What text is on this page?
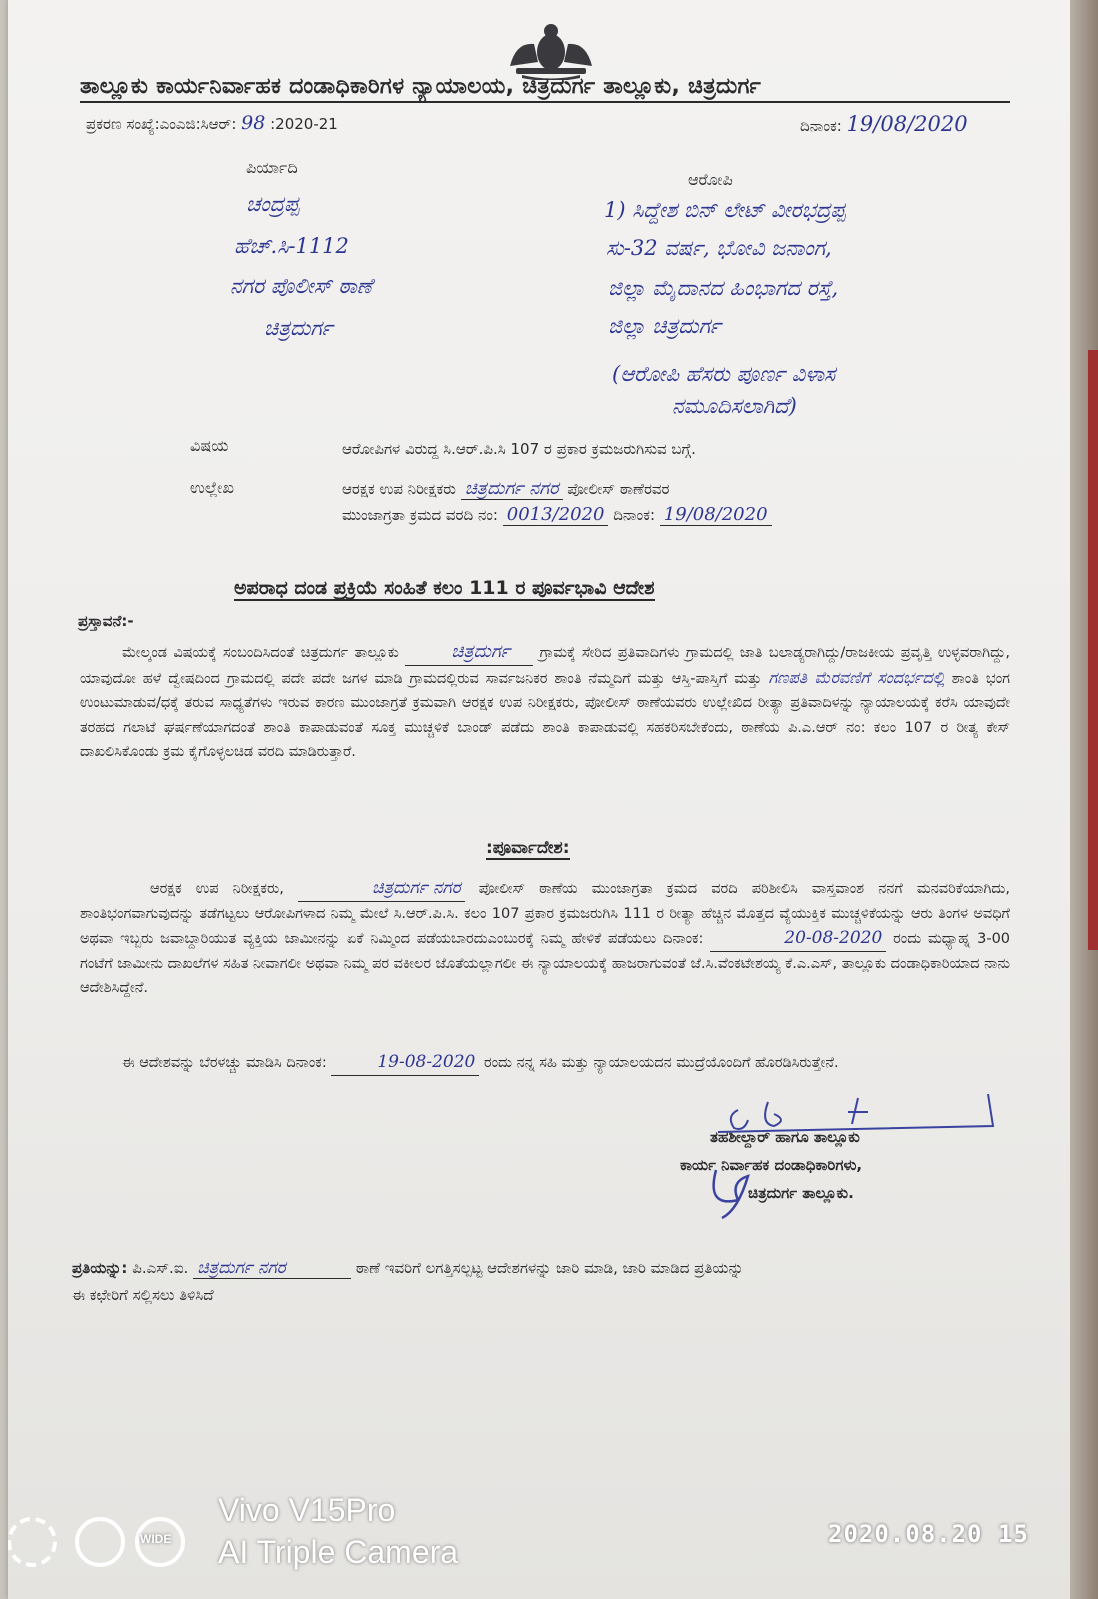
ತಾಲ್ಲೂಕು ಕಾರ್ಯನಿರ್ವಾಹಕ ದಂಡಾಧಿಕಾರಿಗಳ ನ್ಯಾಯಾಲಯ, ಚಿತ್ರದುರ್ಗ ತಾಲ್ಲೂಕು, ಚಿತ್ರದುರ್ಗ
ಪ್ರಕರಣ ಸಂಖ್ಯೆ:ಎಂಎಜಿ:ಸಿಆರ್: 98 :2020-21	ದಿನಾಂಕ: 19/08/2020
ಪಿರ್ಯಾದಿ
ಚಂದ್ರಪ್ಪ
ಹೆಚ್.ಸಿ-1112
ನಗರ ಪೊಲೀಸ್ ಠಾಣೆ
ಚಿತ್ರದುರ್ಗ
ಆರೋಪಿ
1) ಸಿದ್ದೇಶ ಬಿನ್ ಲೇಟ್ ವೀರಭದ್ರಪ್ಪ
ಸು-32 ವರ್ಷ, ಭೋವಿ ಜನಾಂಗ,
ಜಿಲ್ಲಾ ಮೈದಾನದ ಹಿಂಭಾಗದ ರಸ್ತೆ,
ಜಿಲ್ಲಾ ಚಿತ್ರದುರ್ಗ
(ಆರೋಪಿ ಹೆಸರು ಪೂರ್ಣ ವಿಳಾಸ
ನಮೂದಿಸಲಾಗಿದೆ)
ವಿಷಯ	ಆರೋಪಿಗಳ ವಿರುದ್ದ ಸಿ.ಆರ್.ಪಿ.ಸಿ 107 ರ ಪ್ರಕಾರ ಕ್ರಮಜರುಗಿಸುವ ಬಗ್ಗೆ.
ಉಲ್ಲೇಖ	ಆರಕ್ಷಕ ಉಪ ನಿರೀಕ್ಷಕರು ಚಿತ್ರದುರ್ಗ ನಗರ ಪೋಲೀಸ್ ಠಾಣೆರವರ
ಮುಂಜಾಗ್ರತಾ ಕ್ರಮದ ವರದಿ ನಂ: 0013/2020 ದಿನಾಂಕ: 19/08/2020
ಅಪರಾಧ ದಂಡ ಪ್ರಕ್ರಿಯೆ ಸಂಹಿತೆ ಕಲಂ 111 ರ ಪೂರ್ವಭಾವಿ ಆದೇಶ
ಪ್ರಸ್ತಾವನೆ:-
ಮೇಲ್ಕಂಡ ವಿಷಯಕ್ಕೆ ಸಂಬಂದಿಸಿದಂತೆ ಚಿತ್ರದುರ್ಗ ತಾಲ್ಲೂಕು	ಚಿತ್ರದುರ್ಗ ಗ್ರಾಮಕ್ಕೆ ಸೇರಿದ ಪ್ರತಿವಾದಿಗಳು ಗ್ರಾಮದಲ್ಲಿ ಜಾತಿ ಬಲಾಡ್ಯರಾಗಿದ್ದು/ರಾಜಕೀಯ ಪ್ರವೃತ್ತಿ ಉಳ್ಳವರಾಗಿದ್ದು, ಯಾವುದೋ ಹಳೆ ದ್ವೇಷದಿಂದ ಗ್ರಾಮದಲ್ಲಿ ಪದೇ ಪದೇ ಜಗಳ ಮಾಡಿ ಗ್ರಾಮದಲ್ಲಿರುವ ಸಾರ್ವಜನಿಕರ ಶಾಂತಿ ನೆಮ್ಮದಿಗೆ ಮತ್ತು ಆಸ್ತಿ-ಪಾಸ್ತಿಗೆ ಮತ್ತು ಗಣಪತಿ ಮೆರವಣಿಗೆ ಸಂದರ್ಭದಲ್ಲಿ ಶಾಂತಿ ಭಂಗ ಉಂಟುಮಾಡುವ/ಧಕ್ಕೆ ತರುವ ಸಾಧ್ಯತೆಗಳು ಇರುವ ಕಾರಣ ಮುಂಜಾಗ್ರತೆ ಕ್ರಮವಾಗಿ ಆರಕ್ಷಕ ಉಪ ನಿರೀಕ್ಷಕರು, ಪೋಲೀಸ್ ಠಾಣೆಯವರು ಉಲ್ಲೇಖಿದ ರೀತ್ಯಾ ಪ್ರತಿವಾದಿಳನ್ನು ನ್ಯಾಯಾಲಯಕ್ಕೆ ಕರೆಸಿ ಯಾವುದೇ ತರಹದ ಗಲಾಟೆ ಘರ್ಷಣೆಯಾಗದಂತೆ ಶಾಂತಿ ಕಾಪಾಡುವಂತೆ ಸೂಕ್ತ ಮುಚ್ಚಳಿಕೆ ಬಾಂಡ್ ಪಡೆದು ಶಾಂತಿ ಕಾಪಾಡುವಲ್ಲಿ ಸಹಕರಿಸಬೇಕೆಂದು, ಠಾಣೆಯ ಪಿ.ಎ.ಆರ್ ನಂ: ಕಲಂ 107 ರ ರೀತ್ಯ ಕೇಸ್ ದಾಖಲಿಸಿಕೊಂಡು ಕ್ರಮ ಕೈಗೊಳ್ಳಲಚಿಡ ವರದಿ ಮಾಡಿರುತ್ತಾರೆ.
:ಪೂರ್ವಾದೇಶ:
ಆರಕ್ಷಕ ಉಪ ನಿರೀಕ್ಷಕರು,	ಚಿತ್ರದುರ್ಗ ನಗರ ಪೋಲೀಸ್ ಠಾಣೆಯ ಮುಂಜಾಗ್ರತಾ ಕ್ರಮದ ವರದಿ ಪರಿಶೀಲಿಸಿ ವಾಸ್ತವಾಂಶ ನನಗೆ ಮನವರಿಕೆಯಾಗಿದು, ಶಾಂತಿಭಂಗವಾಗುವುದನ್ನು ತಡೆಗಟ್ಟಲು ಆರೋಪಿಗಳಾದ ನಿಮ್ಮ ಮೇಲೆ ಸಿ.ಆರ್.ಪಿ.ಸಿ. ಕಲಂ 107 ಪ್ರಕಾರ ಕ್ರಮಜರುಗಿಸಿ 111 ರ ರೀತ್ಯಾ ಹೆಚ್ಚಿನ ಮೊತ್ತದ ವ್ಯೆಯುಕ್ತಿಕ ಮುಚ್ಚಳಿಕೆಯನ್ನು ಆರು ತಿಂಗಳ ಅವಧಿಗೆ ಅಥವಾ ಇಬ್ಬರು ಜವಾಬ್ದಾರಿಯುತ ವ್ಯಕ್ತಿಯ ಜಾಮೀನನ್ನು ಏಕೆ ನಿಮ್ಮಿಂದ ಪಡೆಯಬಾರದುಎಂಬುರಕ್ಕೆ ನಿಮ್ಮ ಹೇಳಿಕೆ ಪಡೆಯಲು ದಿನಾಂಕ:	20-08-2020 ರಂದು ಮಧ್ಯಾಹ್ನ 3-00 ಗಂಟೆಗೆ ಜಾಮೀನು ದಾಖಲೆಗಳ ಸಹಿತ ನೀವಾಗಲೀ ಅಥವಾ ನಿಮ್ಮ ಪರ ವಕೀಲರ ಜೊತೆಯಲ್ಲಾಗಲೀ ಈ ನ್ಯಾಯಾಲಯಕ್ಕೆ ಹಾಜರಾಗುವಂತೆ ಜೆ.ಸಿ.ವೆಂಕಟೇಶಯ್ಯ ಕೆ.ಎ.ಎಸ್, ತಾಲ್ಲೂಕು ದಂಡಾಧಿಕಾರಿಯಾದ ನಾನು ಆದೇಶಿಸಿದ್ದೇನೆ.
ಈ ಆದೇಶವನ್ನು ಬೆರಳಚ್ಚು ಮಾಡಿಸಿ ದಿನಾಂಕ:	19-08-2020 ರಂದು ನನ್ನ ಸಹಿ ಮತ್ತು ನ್ಯಾಯಾಲಯದನ ಮುದ್ರೆಯೊಂದಿಗೆ ಹೊರಡಿಸಿರುತ್ತೇನೆ.
ತಹಶೀಲ್ದಾರ್ ಹಾಗೂ ತಾಲ್ಲೂಕು
ಕಾರ್ಯ ನಿರ್ವಾಹಕ ದಂಡಾಧಿಕಾರಿಗಳು,
ಚಿತ್ರದುರ್ಗ ತಾಲ್ಲೂಕು.
ಪ್ರತಿಯನ್ನು: ಪಿ.ಎಸ್.ಐ. ಚಿತ್ರದುರ್ಗ ನಗರ	ಠಾಣೆ ಇವರಿಗೆ ಲಗತ್ತಿಸಲ್ಪಟ್ಟ ಆದೇಶಗಳನ್ನು ಜಾರಿ ಮಾಡಿ, ಜಾರಿ ಮಾಡಿದ ಪ್ರತಿಯನ್ನು
ಈ ಕಛೇರಿಗೆ ಸಲ್ಲಿಸಲು ತಿಳಿಸಿದೆ
WIDE
Vivo V15Pro
AI Triple Camera	2020.08.20 15
